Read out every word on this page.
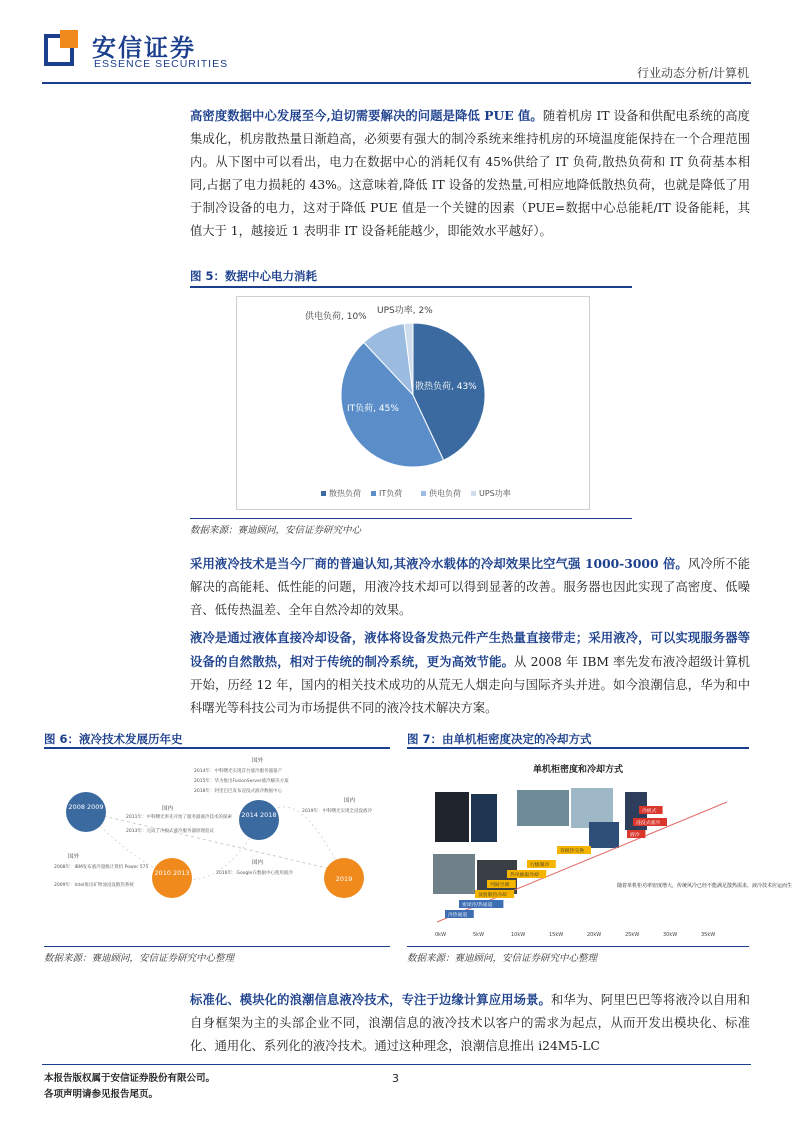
安信证券
ESSENCE SECURITIES
行业动态分析/计算机
高密度数据中心发展至今,迫切需要解决的问题是降低 PUE 值。随着机房 IT 设备和供配电系统的高度集成化，机房散热量日渐趋高，必须要有强大的制冷系统来维持机房的环境温度能保持在一个合理范围内。从下图中可以看出，电力在数据中心的消耗仅有 45%供给了 IT 负荷,散热负荷和 IT 负荷基本相同,占据了电力损耗的 43%。这意味着,降低 IT 设备的发热量,可相应地降低散热负荷，也就是降低了用于制冷设备的电力，这对于降低 PUE 值是一个关键的因素（PUE=数据中心总能耗/IT 设备能耗，其值大于 1，越接近 1 表明非 IT 设备耗能越少，即能效水平越好）。
图 5：数据中心电力消耗
供电负荷, 10%
UPS功率, 2%
散热负荷, 43%
IT负荷, 45%
散热负荷 IT负荷	供电负荷 UPS功率
数据来源：赛迪顾问，安信证券研究中心
采用液冷技术是当今厂商的普遍认知,其液冷水载体的冷却效果比空气强 1000-3000 倍。风冷所不能解决的高能耗、低性能的问题，用液冷技术却可以得到显著的改善。服务器也因此实现了高密度、低噪音、低传热温差、全年自然冷却的效果。
液冷是通过液体直接冷却设备，液体将设备发热元件产生热量直接带走；采用液冷，可以实现服务器等设备的自然散热，相对于传统的制冷系统，更为高效节能。从 2008 年 IBM 率先发布液冷超级计算机开始，历经 12 年，国内的相关技术成功的从荒无人烟走向与国际齐头并进。如今浪潮信息，华为和中科曙光等科技公司为市场提供不同的液冷技术解决方案。
图 6：液冷技术发展历年史
2008 2009
2010 2013
2014 2018
2019
国外
2008年：IBM发布液冷超级计算机 Power 575
2009年：Intel推出矿物油浸没散热系统
国内
2011年：中科曙光率先开始了服务器液冷技术的探索
2013年：完成了冷板式液冷服务器原理验证
国外
2014年：中科曙光实现首台液冷服务器量产
2015年：华为推出FusionServer液冷解决方案
2018年：阿里巴巴发布浸没式液冷数据中心
国内
2016年：Google在数据中心使用液冷
国内
2019年：中科曙光实现全浸没液冷
数据来源：赛迪顾问，安信证券研究中心整理
图 7：由单机柜密度决定的冷却方式
单机柜密度和冷却方式
冷热通道
密闭冷/热通道
顶置散热冷却
列间空调
热风抽取冷却
行级制冷
背板热交换
液冷
浸没式液冷
冷板式
随着单机柜功率密度增大，传统风冷已经不能满足散热需求，液冷技术应运而生
0kW	5kW	10kW	15kW	20kW	25kW	30kW	35kW
数据来源：赛迪顾问，安信证券研究中心整理
标准化、模块化的浪潮信息液冷技术，专注于边缘计算应用场景。和华为、阿里巴巴等将液冷以自用和自身框架为主的头部企业不同，浪潮信息的液冷技术以客户的需求为起点，从而开发出模块化、标准化、通用化、系列化的液冷技术。通过这种理念，浪潮信息推出 i24M5-LC
本报告版权属于安信证券股份有限公司。
各项声明请参见报告尾页。
3
